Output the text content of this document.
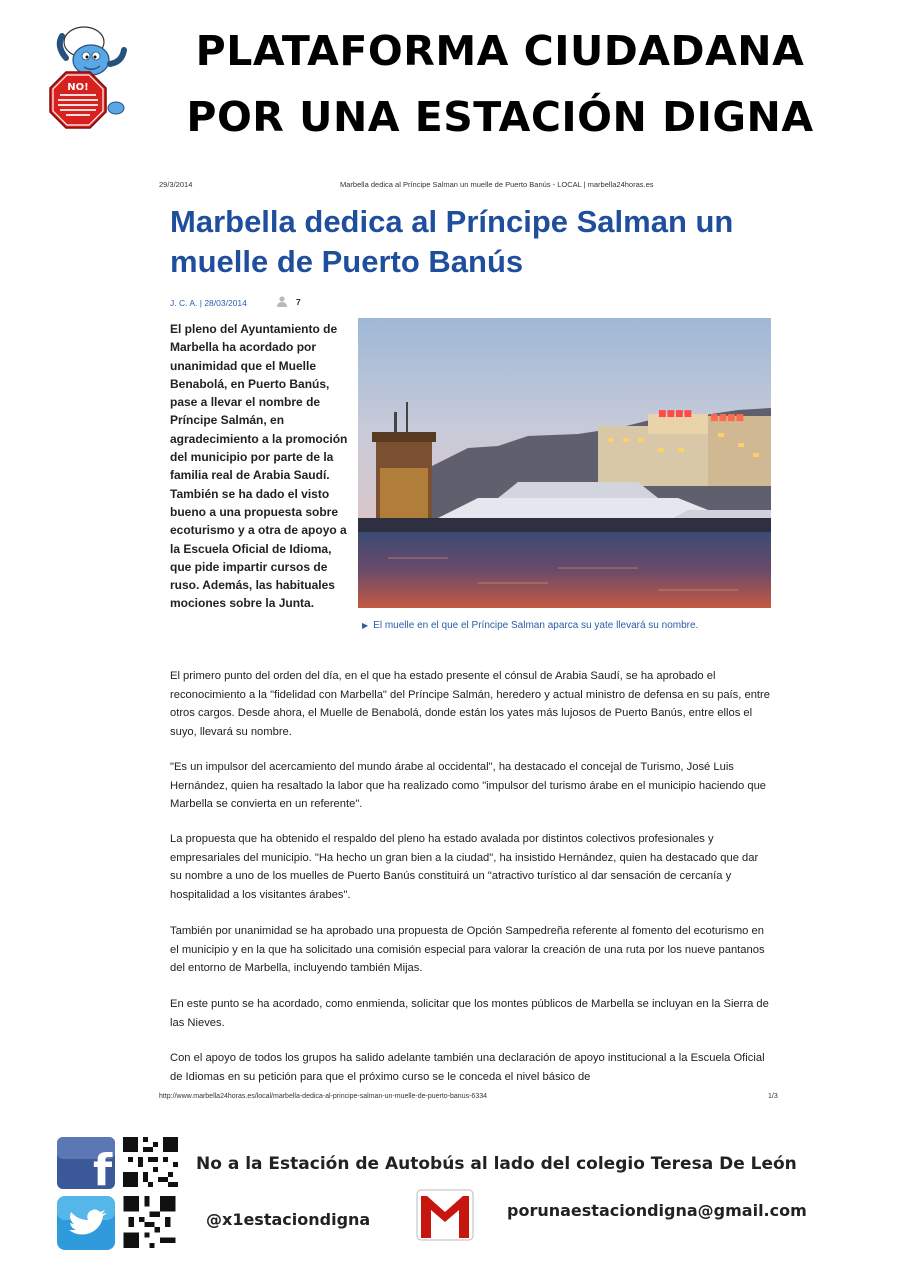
NO!
PLATAFORMA CIUDADANA
POR UNA ESTACIÓN DIGNA
29/3/2014	Marbella dedica al Príncipe Salman un muelle de Puerto Banús - LOCAL | marbella24horas.es
Marbella dedica al Príncipe Salman un muelle de Puerto Banús
J. C. A. | 28/03/2014	7
El pleno del Ayuntamiento de Marbella ha acordado por unanimidad que el Muelle Benabolá, en Puerto Banús, pase a llevar el nombre de Príncipe Salmán, en agradecimiento a la promoción del municipio por parte de la familia real de Arabia Saudí. También se ha dado el visto bueno a una propuesta sobre ecoturismo y a otra de apoyo a la Escuela Oficial de Idioma, que pide impartir cursos de ruso. Además, las habituales mociones sobre la Junta.
■■■■ ■■■■
▶ El muelle en el que el Príncipe Salman aparca su yate llevará su nombre.
El primero punto del orden del día, en el que ha estado presente el cónsul de Arabia Saudí, se ha aprobado el reconocimiento a la "fidelidad con Marbella" del Príncipe Salmán, heredero y actual ministro de defensa en su país, entre otros cargos. Desde ahora, el Muelle de Benabolá, donde están los yates más lujosos de Puerto Banús, entre ellos el suyo, llevará su nombre.
"Es un impulsor del acercamiento del mundo árabe al occidental", ha destacado el concejal de Turismo, José Luis Hernández, quien ha resaltado la labor que ha realizado como "impulsor del turismo árabe en el municipio haciendo que Marbella se convierta en un referente".
La propuesta que ha obtenido el respaldo del pleno ha estado avalada por distintos colectivos profesionales y empresariales del municipio. "Ha hecho un gran bien a la ciudad", ha insistido Hernández, quien ha destacado que dar su nombre a uno de los muelles de Puerto Banús constituirá un "atractivo turístico al dar sensación de cercanía y hospitalidad a los visitantes árabes".
También por unanimidad se ha aprobado una propuesta de Opción Sampedreña referente al fomento del ecoturismo en el municipio y en la que ha solicitado una comisión especial para valorar la creación de una ruta por los nueve pantanos del entorno de Marbella, incluyendo también Mijas.
En este punto se ha acordado, como enmienda, solicitar que los montes públicos de Marbella se incluyan en la Sierra de las Nieves.
Con el apoyo de todos los grupos ha salido adelante también una declaración de apoyo institucional a la Escuela Oficial de Idiomas en su petición para que el próximo curso se le conceda el nivel básico de
http://www.marbella24horas.es/local/marbella-dedica-al-principe-salman-un-muelle-de-puerto-banus-6334	1/3
f	No a la Estación de Autobús al lado del colegio Teresa De León
@x1estaciondigna	porunaestaciondigna@gmail.com
